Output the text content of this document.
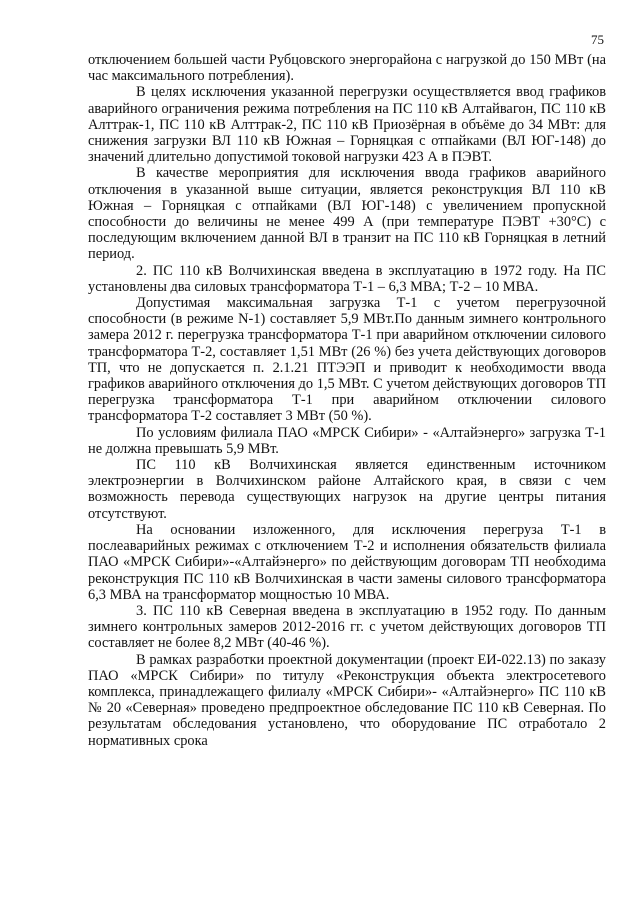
75

отключением большей части Рубцовского энергорайона с нагрузкой до 150 МВт (на час максимального потребления).

В целях исключения указанной перегрузки осуществляется ввод графиков аварийного ограничения режима потребления на ПС 110 кВ Алтайвагон, ПС 110 кВ Алттрак-1, ПС 110 кВ Алттрак-2, ПС 110 кВ Приозёрная в объёме до 34 МВт: для снижения загрузки ВЛ 110 кВ Южная – Горняцкая с отпайками (ВЛ ЮГ-148) до значений длительно допустимой токовой нагрузки 423 А в ПЭВТ.

В качестве мероприятия для исключения ввода графиков аварийного отключения в указанной выше ситуации, является реконструкция ВЛ 110 кВ Южная – Горняцкая с отпайками (ВЛ ЮГ-148) с увеличением пропускной способности до величины не менее 499 А (при температуре ПЭВТ +30°С) с последующим включением данной ВЛ в транзит на ПС 110 кВ Горняцкая в летний период.

2. ПС 110 кВ Волчихинская введена в эксплуатацию в 1972 году. На ПС установлены два силовых трансформатора Т-1 – 6,3 МВА; Т-2 – 10 МВА.

Допустимая максимальная загрузка Т-1 с учетом перегрузочной способности (в режиме N-1) составляет 5,9 МВт.По данным зимнего контрольного замера 2012 г. перегрузка трансформатора Т-1 при аварийном отключении силового трансформатора Т-2, составляет 1,51 МВт (26 %) без учета действующих договоров ТП, что не допускается п. 2.1.21 ПТЭЭП и приводит к необходимости ввода графиков аварийного отключения до 1,5 МВт. С учетом действующих договоров ТП перегрузка трансформатора Т-1 при аварийном отключении силового трансформатора Т-2 составляет 3 МВт (50 %).

По условиям филиала ПАО «МРСК Сибири» - «Алтайэнерго» загрузка Т-1 не должна превышать 5,9 МВт.

ПС 110 кВ Волчихинская является единственным источником электроэнергии в Волчихинском районе Алтайского края, в связи с чем возможность перевода существующих нагрузок на другие центры питания отсутствуют.

На основании изложенного, для исключения перегруза Т-1 в послеаварийных режимах с отключением Т-2 и исполнения обязательств филиала ПАО «МРСК Сибири»-«Алтайэнерго» по действующим договорам ТП необходима реконструкция ПС 110 кВ Волчихинская в части замены силового трансформатора 6,3 МВА на трансформатор мощностью 10 МВА.

3. ПС 110 кВ Северная введена в эксплуатацию в 1952 году. По данным зимнего контрольных замеров 2012-2016 гг. с учетом действующих договоров ТП составляет не более 8,2 МВт (40-46 %).

В рамках разработки проектной документации (проект ЕИ-022.13) по заказу ПАО «МРСК Сибири» по титулу «Реконструкция объекта электросетевого комплекса, принадлежащего филиалу «МРСК Сибири»- «Алтайэнерго» ПС 110 кВ № 20 «Северная» проведено предпроектное обследование ПС 110 кВ Северная. По результатам обследования установлено, что оборудование ПС отработало 2 нормативных срока
